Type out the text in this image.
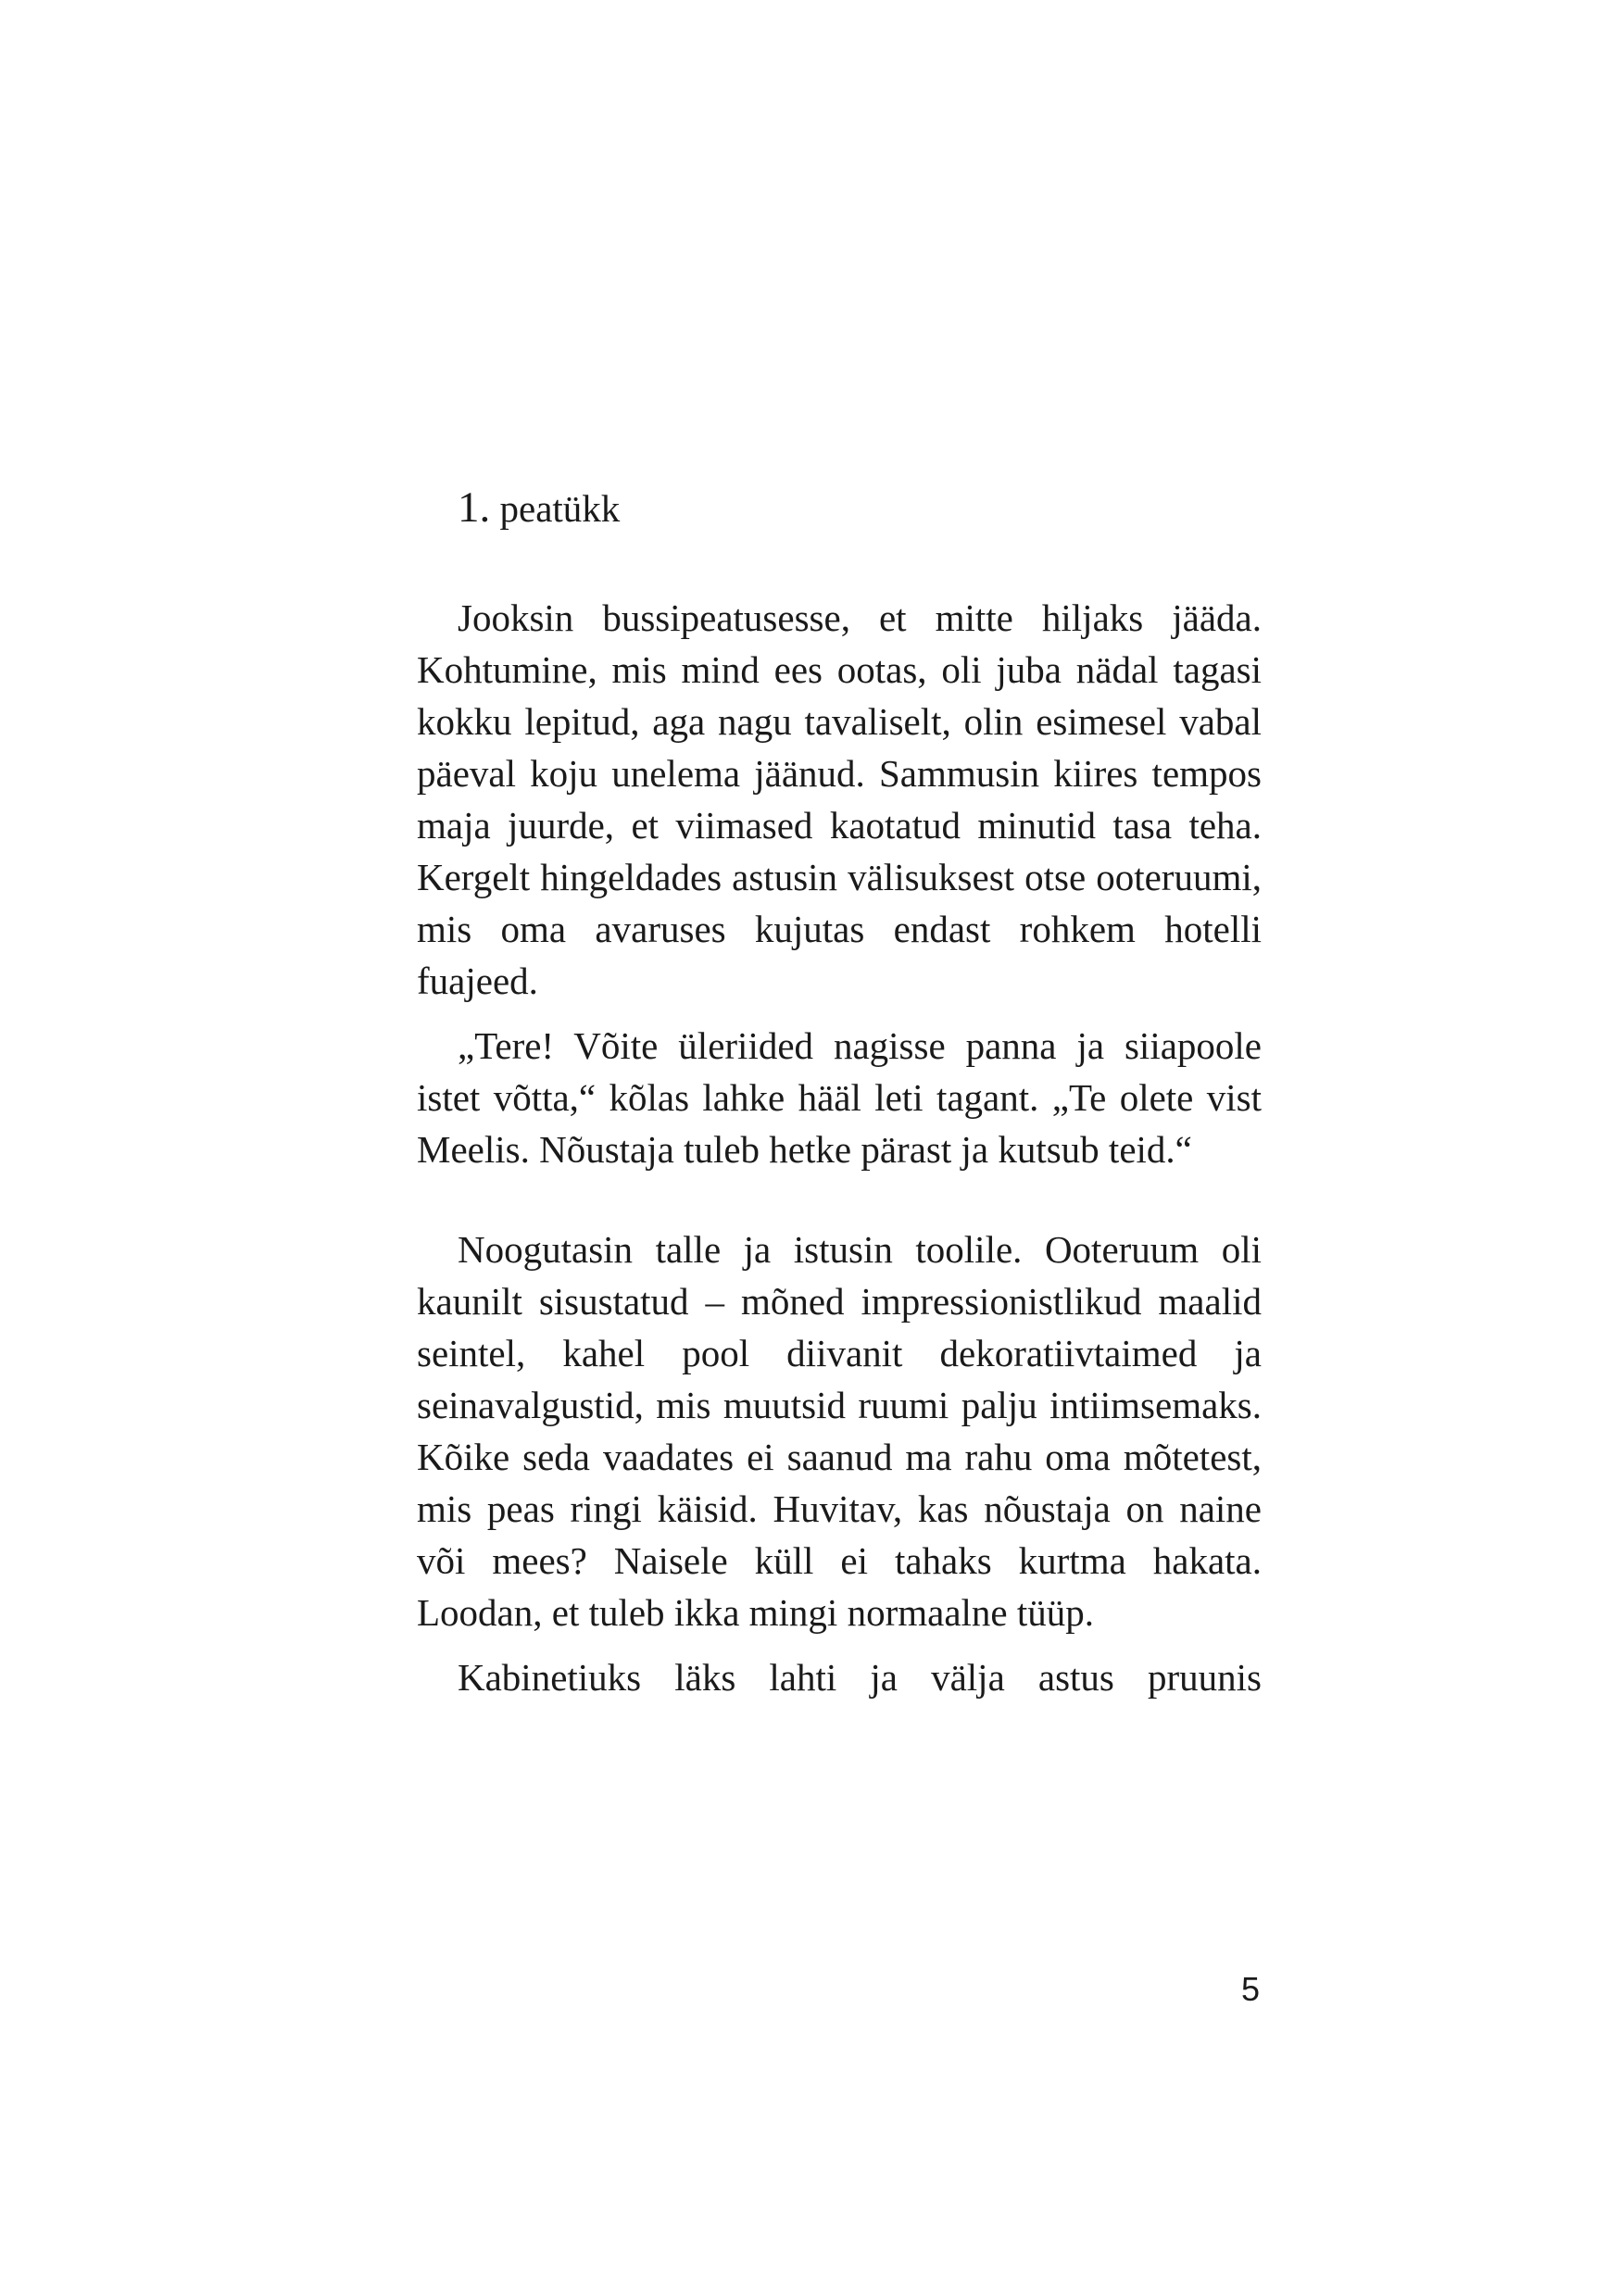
1. peatükk

Jooksin bussipeatusesse, et mitte hiljaks jääda. Kohtumine, mis mind ees ootas, oli juba nädal tagasi kokku lepitud, aga nagu tavaliselt, olin esimesel vabal päeval koju unelema jäänud. Sammusin kiires tempos maja juurde, et viimased kaotatud minutid tasa teha. Kergelt hingeldades astusin välisuksest otse ooteruumi, mis oma avaruses kujutas endast rohkem hotelli fuajeed.

„Tere! Võite üleriided nagisse panna ja siiapoole istet võtta,“ kõlas lahke hääl leti tagant. „Te olete vist Meelis. Nõustaja tuleb hetke pärast ja kutsub teid.“

Noogutasin talle ja istusin toolile. Ooteruum oli kaunilt sisustatud – mõned impressionistlikud maalid seintel, kahel pool diivanit dekoratiivtaimed ja seinavalgustid, mis muutsid ruumi palju intiimsemaks. Kõike seda vaadates ei saanud ma rahu oma mõtetest, mis peas ringi käisid. Huvitav, kas nõustaja on naine või mees? Naisele küll ei tahaks kurtma hakata. Loodan, et tuleb ikka mingi normaalne tüüp.

Kabinetiuks läks lahti ja välja astus pruunis

5
